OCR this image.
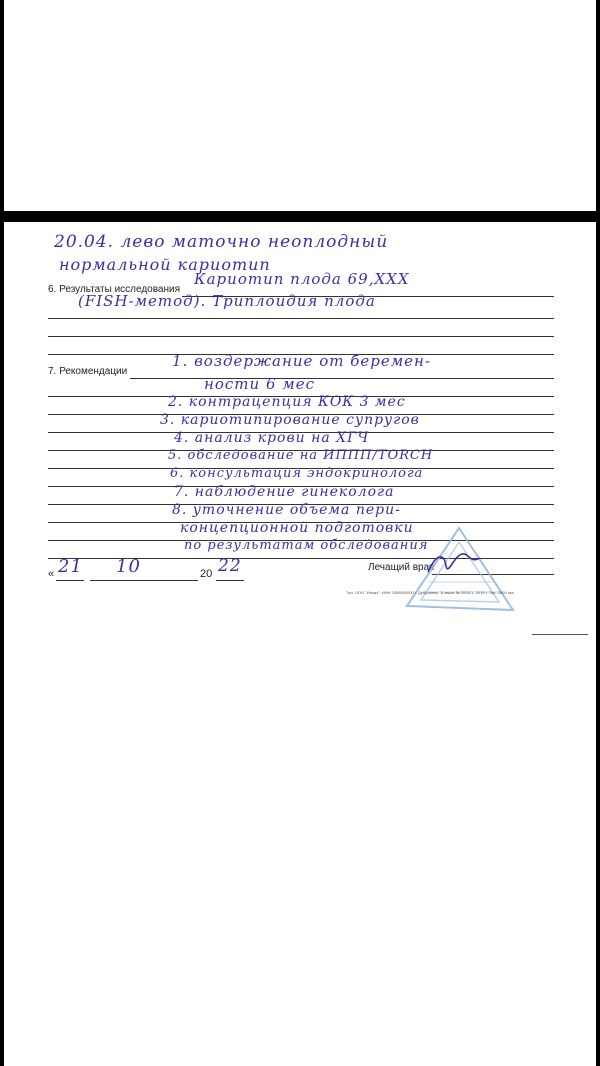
20.04. лево маточно неоплодный
нормальной кариотип
6. Результаты исследования
Кариотип плода 69,XXX
(FISH-метод). Триплоидия плода
7. Рекомендации
1. воздержание от беремен-
ности 6 мес
2. контрацепция КОК 3 мес
3. кариотипирование супругов
4. анализ крови на ХГЧ
5. обследование на ИППП/TORCH
6. консультация эндокринолога
7. наблюдение гинеколога
8. уточнение объема пери-
концепционной подготовки
по результатам обследования
« 21 10	20 22	Лечащий врач
Тип. ООО "Ильиз", ИНН 2458000000 г. Дубровник, Ъ.заказ № 2005-1, 2019 г. Тир. 3000 экз.
